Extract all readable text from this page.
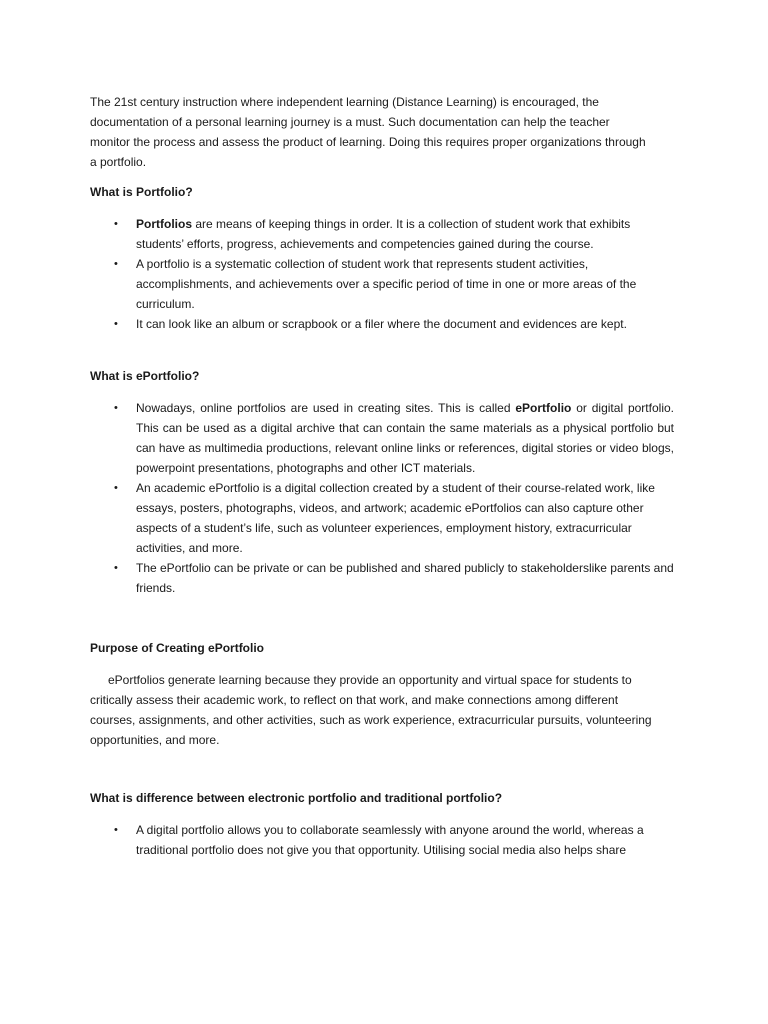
The 21st century instruction where independent learning (Distance Learning) is encouraged, the documentation of a personal learning journey is a must. Such documentation can help the teacher monitor the process and assess the product of learning. Doing this requires proper organizations through a portfolio.

What is Portfolio?

• Portfolios are means of keeping things in order. It is a collection of student work that exhibits students’ efforts, progress, achievements and competencies gained during the course.
• A portfolio is a systematic collection of student work that represents student activities, accomplishments, and achievements over a specific period of time in one or more areas of the curriculum.
• It can look like an album or scrapbook or a filer where the document and evidences are kept.

What is ePortfolio?

• Nowadays, online portfolios are used in creating sites. This is called ePortfolio or digital portfolio. This can be used as a digital archive that can contain the same materials as a physical portfolio but can have as multimedia productions, relevant online links or references, digital stories or video blogs, powerpoint presentations, photographs and other ICT materials.
• An academic ePortfolio is a digital collection created by a student of their course-related work, like essays, posters, photographs, videos, and artwork; academic ePortfolios can also capture other aspects of a student’s life, such as volunteer experiences, employment history, extracurricular activities, and more.
• The ePortfolio can be private or can be published and shared publicly to stakeholderslike parents and friends.

Purpose of Creating ePortfolio

ePortfolios generate learning because they provide an opportunity and virtual space for students to critically assess their academic work, to reflect on that work, and make connections among different courses, assignments, and other activities, such as work experience, extracurricular pursuits, volunteering opportunities, and more.

What is difference between electronic portfolio and traditional portfolio?

• A digital portfolio allows you to collaborate seamlessly with anyone around the world, whereas a traditional portfolio does not give you that opportunity. Utilising social media also helps share
